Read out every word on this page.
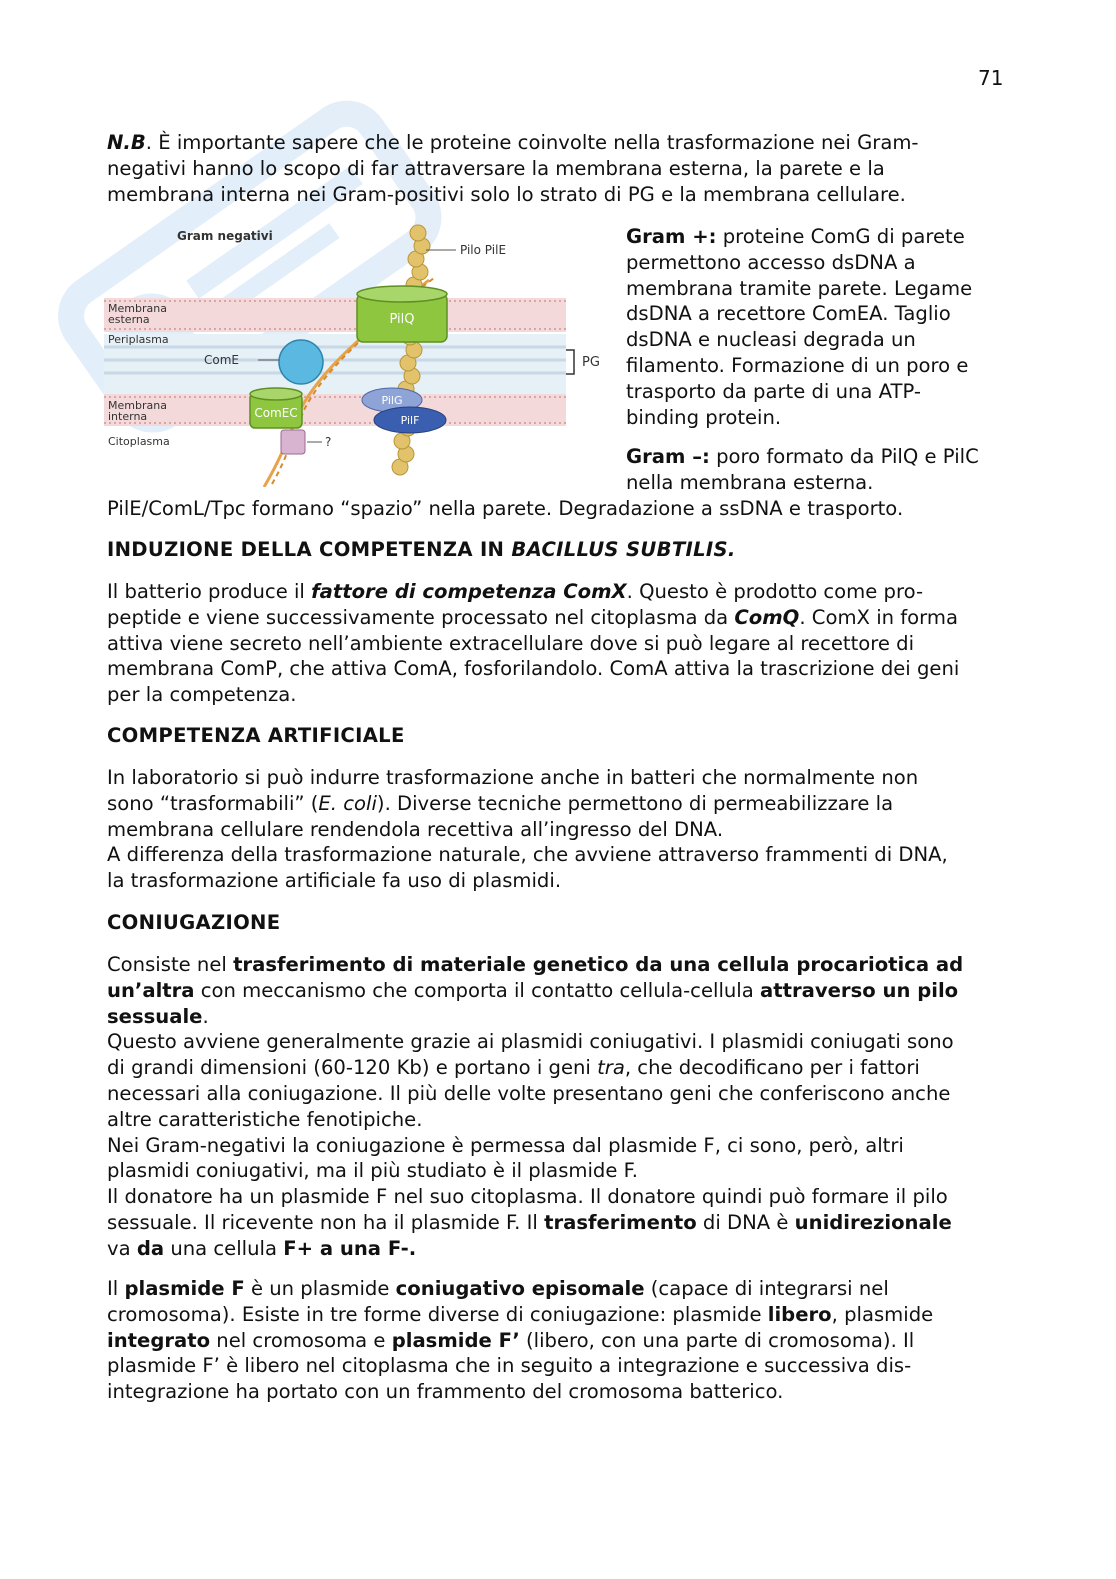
71

N.B. È importante sapere che le proteine coinvolte nella trasformazione nei Gram-
negativi hanno lo scopo di far attraversare la membrana esterna, la parete e la
membrana interna nei Gram-positivi solo lo strato di PG e la membrana cellulare.

PilQ
PilG
PilF
ComE
ComEC
?
Gram negativi
Pilo PilE
Membrana
esterna
Periplasma
Membrana
interna
Citoplasma
PG

Gram +: proteine ComG di parete
permettono accesso dsDNA a
membrana tramite parete. Legame
dsDNA a recettore ComEA. Taglio
dsDNA e nucleasi degrada un
filamento. Formazione di un poro e
trasporto da parte di una ATP-
binding protein.

Gram –: poro formato da PilQ e PilC
nella membrana esterna.

PilE/ComL/Tpc formano “spazio” nella parete. Degradazione a ssDNA e trasporto.

INDUZIONE DELLA COMPETENZA IN BACILLUS SUBTILIS.

Il batterio produce il fattore di competenza ComX. Questo è prodotto come pro-
peptide e viene successivamente processato nel citoplasma da ComQ. ComX in forma
attiva viene secreto nell’ambiente extracellulare dove si può legare al recettore di
membrana ComP, che attiva ComA, fosforilandolo. ComA attiva la trascrizione dei geni
per la competenza.

COMPETENZA ARTIFICIALE

In laboratorio si può indurre trasformazione anche in batteri che normalmente non
sono “trasformabili” (E. coli). Diverse tecniche permettono di permeabilizzare la
membrana cellulare rendendola recettiva all’ingresso del DNA.
A differenza della trasformazione naturale, che avviene attraverso frammenti di DNA,
la trasformazione artificiale fa uso di plasmidi.

CONIUGAZIONE

Consiste nel trasferimento di materiale genetico da una cellula procariotica ad
un’altra con meccanismo che comporta il contatto cellula-cellula attraverso un pilo
sessuale.
Questo avviene generalmente grazie ai plasmidi coniugativi. I plasmidi coniugati sono
di grandi dimensioni (60-120 Kb) e portano i geni tra, che decodificano per i fattori
necessari alla coniugazione. Il più delle volte presentano geni che conferiscono anche
altre caratteristiche fenotipiche.
Nei Gram-negativi la coniugazione è permessa dal plasmide F, ci sono, però, altri
plasmidi coniugativi, ma il più studiato è il plasmide F.
Il donatore ha un plasmide F nel suo citoplasma. Il donatore quindi può formare il pilo
sessuale. Il ricevente non ha il plasmide F. Il trasferimento di DNA è unidirezionale
va da una cellula F+ a una F-.

Il plasmide F è un plasmide coniugativo episomale (capace di integrarsi nel
cromosoma). Esiste in tre forme diverse di coniugazione: plasmide libero, plasmide
integrato nel cromosoma e plasmide F’ (libero, con una parte di cromosoma). Il
plasmide F’ è libero nel citoplasma che in seguito a integrazione e successiva dis-
integrazione ha portato con un frammento del cromosoma batterico.
